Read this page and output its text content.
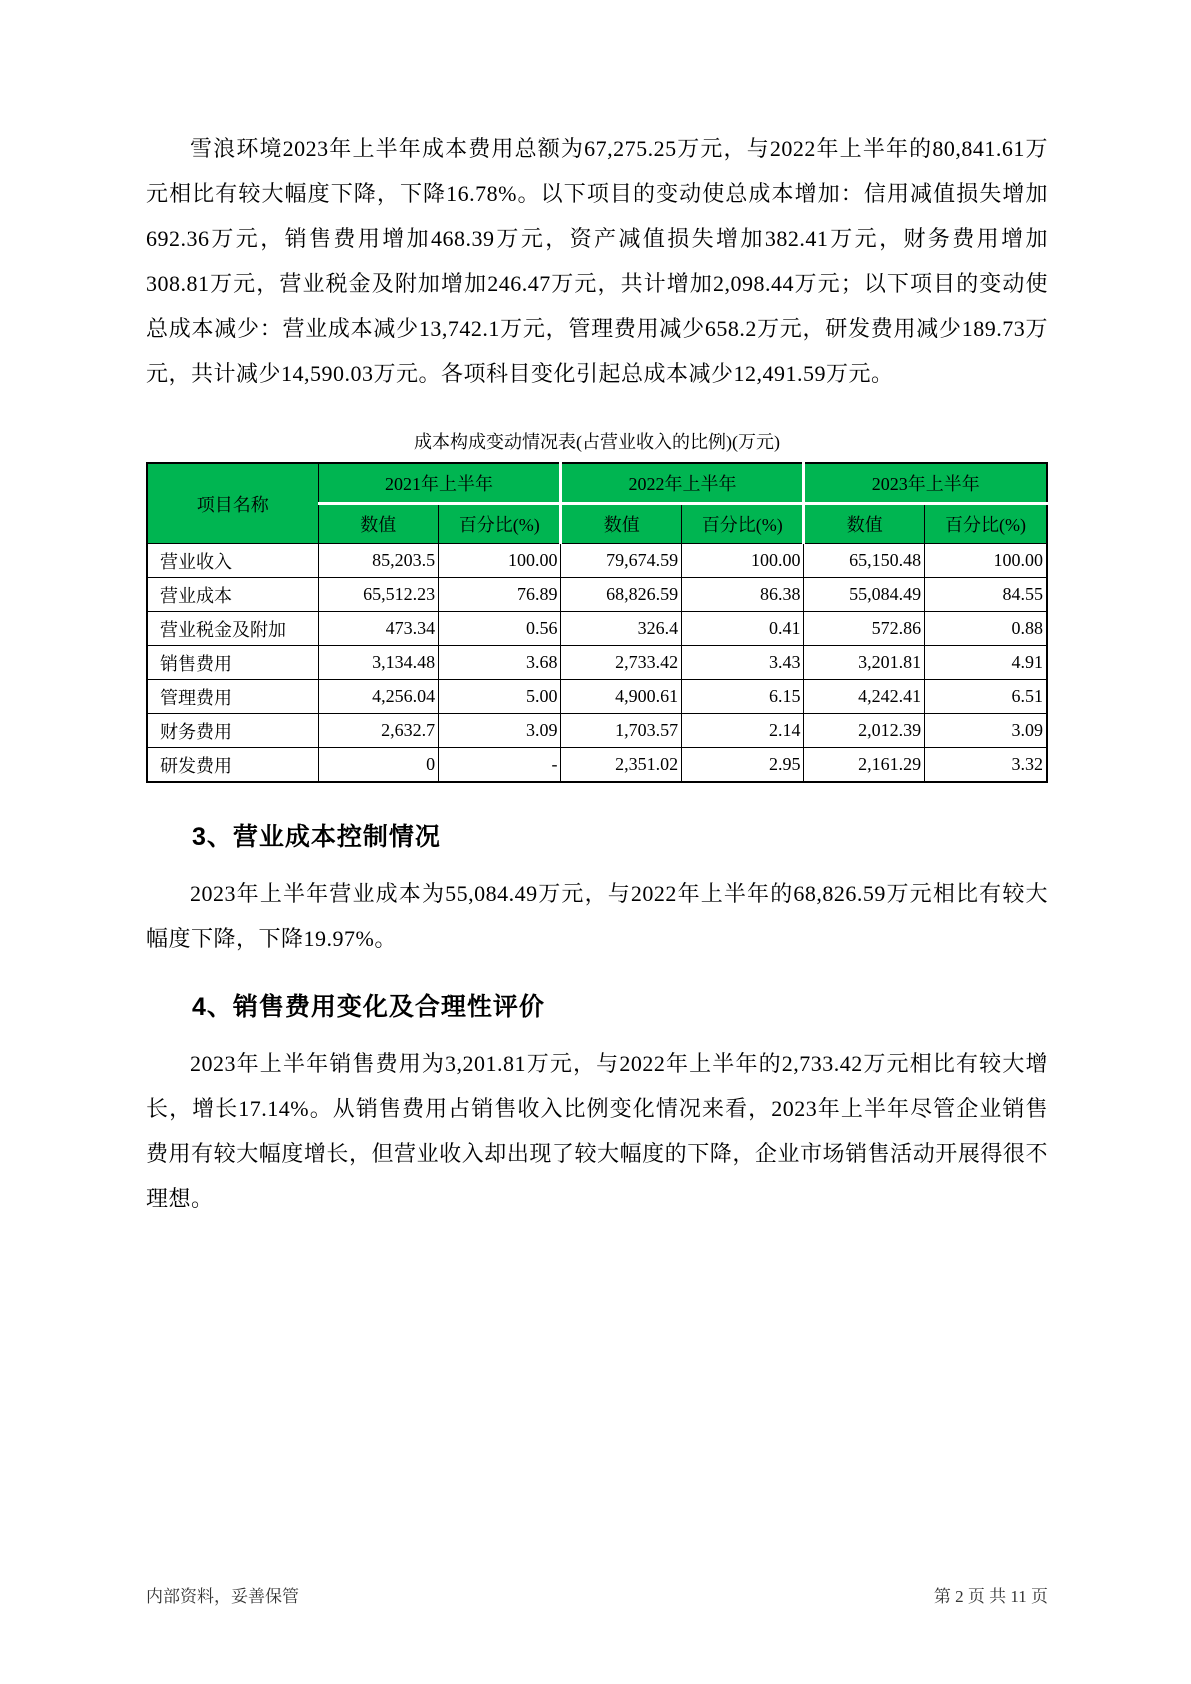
雪浪环境2023年上半年成本费用总额为67,275.25万元，与2022年上半年的80,841.61万元相比有较大幅度下降，下降16.78%。以下项目的变动使总成本增加：信用减值损失增加692.36万元，销售费用增加468.39万元，资产减值损失增加382.41万元，财务费用增加308.81万元，营业税金及附加增加246.47万元，共计增加2,098.44万元；以下项目的变动使总成本减少：营业成本减少13,742.1万元，管理费用减少658.2万元，研发费用减少189.73万元，共计减少14,590.03万元。各项科目变化引起总成本减少12,491.59万元。

成本构成变动情况表(占营业收入的比例)(万元)
项目名称	2021年上半年		2022年上半年		2023年上半年	
	数值	百分比(%)	数值	百分比(%)	数值	百分比(%)
营业收入	85,203.5	100.00	79,674.59	100.00	65,150.48	100.00
营业成本	65,512.23	76.89	68,826.59	86.38	55,084.49	84.55
营业税金及附加	473.34	0.56	326.4	0.41	572.86	0.88
销售费用	3,134.48	3.68	2,733.42	3.43	3,201.81	4.91
管理费用	4,256.04	5.00	4,900.61	6.15	4,242.41	6.51
财务费用	2,632.7	3.09	1,703.57	2.14	2,012.39	3.09
研发费用	0	-	2,351.02	2.95	2,161.29	3.32
3、营业成本控制情况

2023年上半年营业成本为55,084.49万元，与2022年上半年的68,826.59万元相比有较大幅度下降，下降19.97%。

4、销售费用变化及合理性评价

2023年上半年销售费用为3,201.81万元，与2022年上半年的2,733.42万元相比有较大增长，增长17.14%。从销售费用占销售收入比例变化情况来看，2023年上半年尽管企业销售费用有较大幅度增长，但营业收入却出现了较大幅度的下降，企业市场销售活动开展得很不理想。

内部资料，妥善保管	第 2 页 共 11 页
